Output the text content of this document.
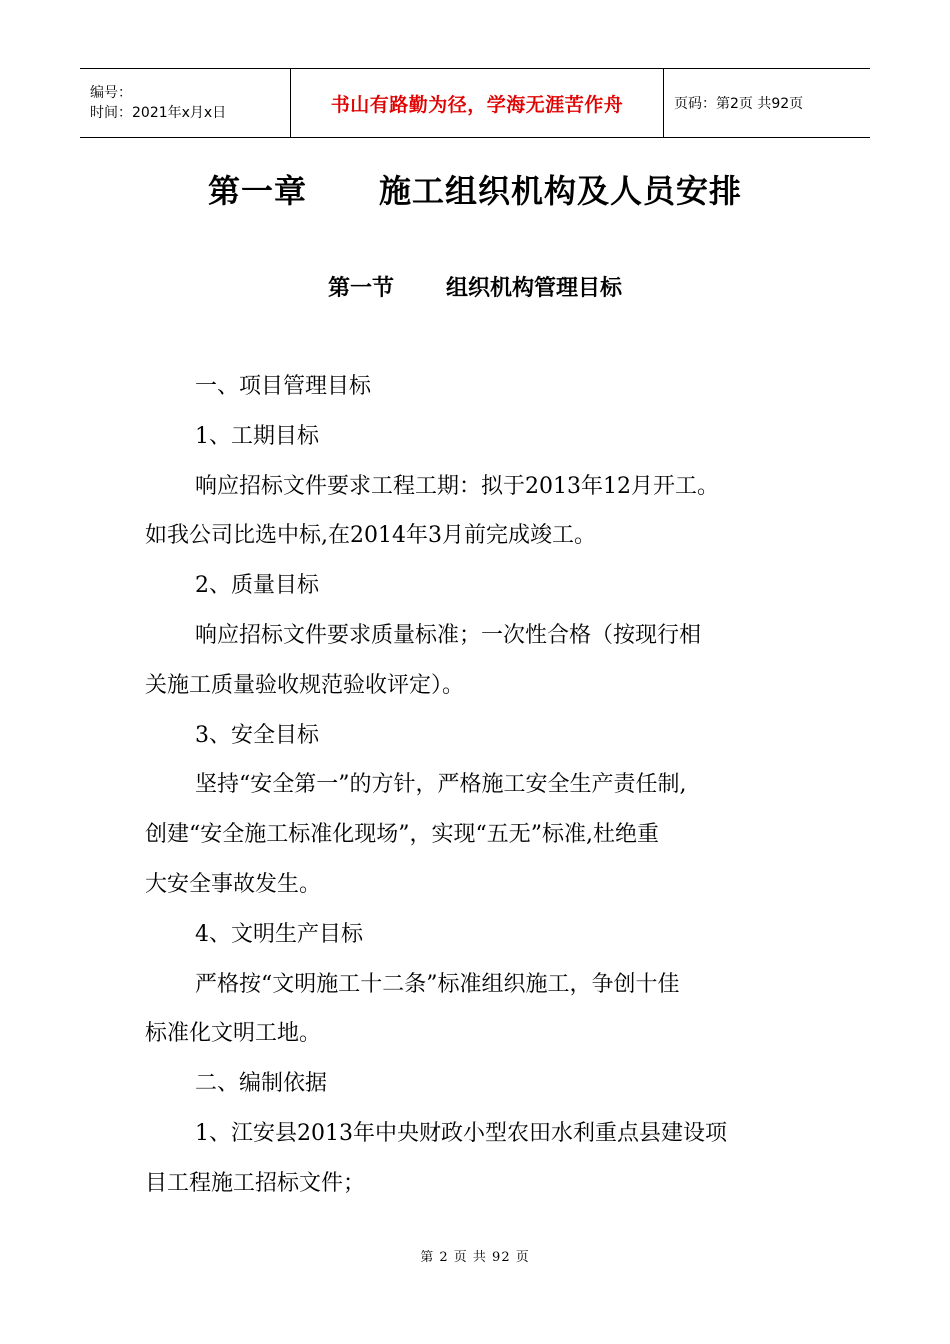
编号：
时间：2021年x月x日	书山有路勤为径，学海无涯苦作舟	页码：第2页 共92页
第一章 施工组织机构及人员安排
第一节 组织机构管理目标

一、项目管理目标

1、工期目标

响应招标文件要求工程工期：拟于2013年12月开工。

如我公司比选中标,在2014年3月前完成竣工。

2、质量目标

响应招标文件要求质量标准；一次性合格（按现行相

关施工质量验收规范验收评定）。

3、安全目标

坚持“安全第一”的方针，严格施工安全生产责任制,

创建“安全施工标准化现场”，实现“五无”标准,杜绝重

大安全事故发生。

4、文明生产目标

严格按“文明施工十二条”标准组织施工，争创十佳

标准化文明工地。

二、编制依据

1、江安县2013年中央财政小型农田水利重点县建设项

目工程施工招标文件；

第 2 页 共 92 页
